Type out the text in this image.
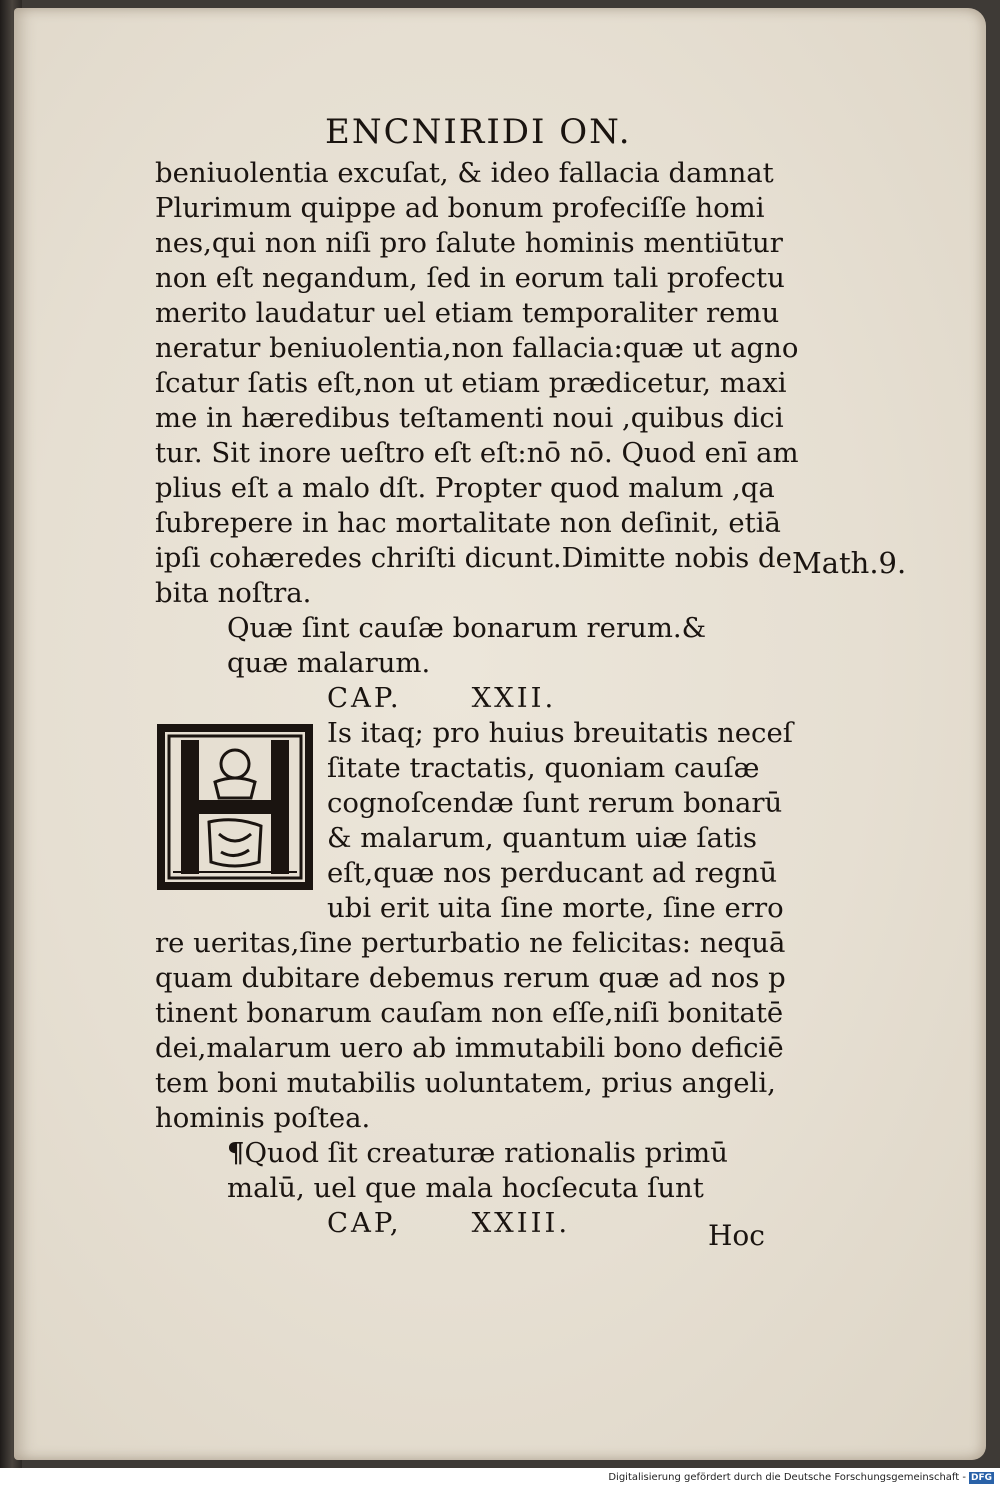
ENCNIRIDI ON.
beniuolentia excuſat, & ideo fallacia damnat
Plurimum quippe ad bonum profeciſſe homi
nes,qui non niſi pro ſalute hominis mentiūtur
non eſt negandum, ſed in eorum tali profectu
merito laudatur uel etiam temporaliter remu
neratur beniuolentia,non fallacia:quæ ut agno
ſcatur ſatis eſt,non ut etiam prædicetur, maxi
me in hæredibus teſtamenti noui ,quibus dici
tur. Sit inore ueſtro eſt eſt:nō nō. Quod enī am
plius eſt a malo dſt. Propter quod malum ,qa
ſubrepere in hac mortalitate non deſinit, etiā
ipſi cohæredes chriſti dicunt.Dimitte nobis de
bita noſtra.
Quæ ſint cauſæ bonarum rerum.&
quæ malarum.
CAP.	XXII.
Is itaq; pro huius breuitatis neceſ
ſitate tractatis, quoniam cauſæ
cognoſcendæ ſunt rerum bonarū
& malarum, quantum uiæ ſatis
eſt,quæ nos perducant ad regnū
ubi erit uita ſine morte, ſine erro
re ueritas,ſine perturbatio ne felicitas: nequā
quam dubitare debemus rerum quæ ad nos p
tinent bonarum cauſam non eſſe,niſi bonitatē
dei,malarum uero ab immutabili bono deficiē
tem boni mutabilis uoluntatem, prius angeli,
hominis poſtea.
¶Quod ſit creaturæ rationalis primū
malū, uel que mala hocſecuta ſunt
CAP,	XXIII.
Math.9.
Hoc
Digitalisierung gefördert durch die Deutsche Forschungsgemeinschaft - DFG
